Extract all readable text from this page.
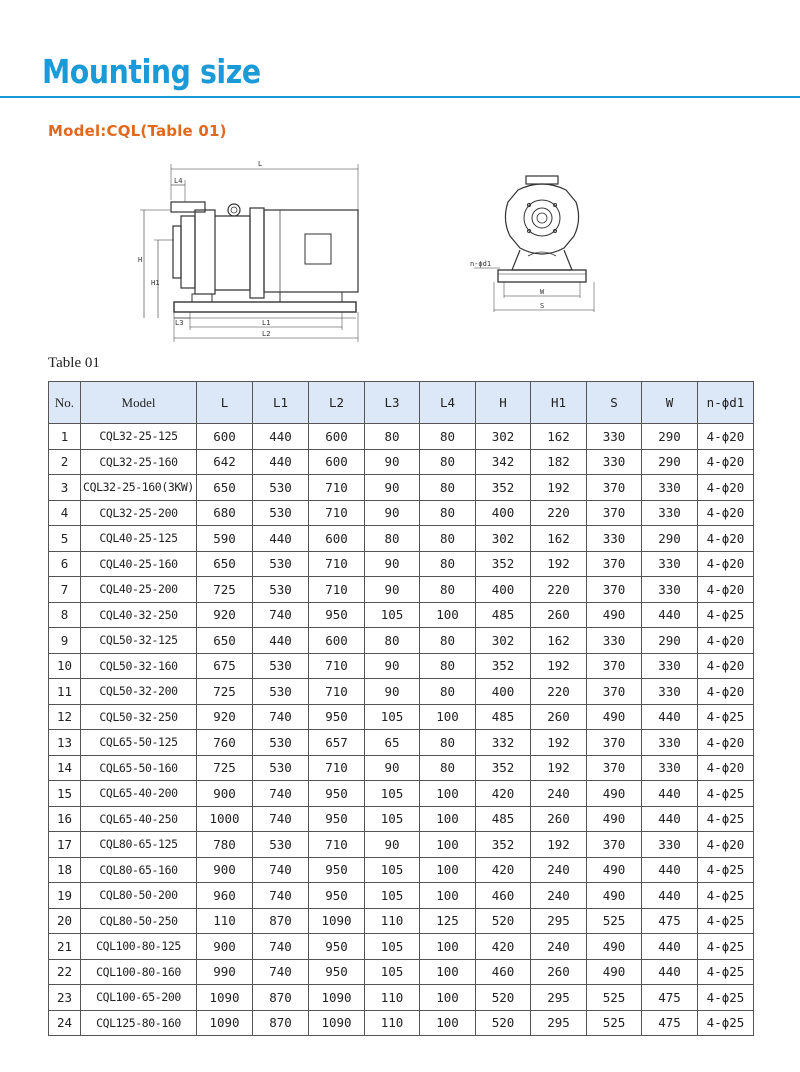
Mounting size
Model:CQL(Table 01)
L
L4
H
H1
L3	L1
L2
n-ϕd1
W
S
Table 01
No.	Model	L	L1	L2	L3	L4	H	H1	S	W	n-ϕd1
1	CQL32-25-125	600	440	600	80	80	302	162	330	290	4-ϕ20
2	CQL32-25-160	642	440	600	90	80	342	182	330	290	4-ϕ20
3	CQL32-25-160(3KW)	650	530	710	90	80	352	192	370	330	4-ϕ20
4	CQL32-25-200	680	530	710	90	80	400	220	370	330	4-ϕ20
5	CQL40-25-125	590	440	600	80	80	302	162	330	290	4-ϕ20
6	CQL40-25-160	650	530	710	90	80	352	192	370	330	4-ϕ20
7	CQL40-25-200	725	530	710	90	80	400	220	370	330	4-ϕ20
8	CQL40-32-250	920	740	950	105	100	485	260	490	440	4-ϕ25
9	CQL50-32-125	650	440	600	80	80	302	162	330	290	4-ϕ20
10	CQL50-32-160	675	530	710	90	80	352	192	370	330	4-ϕ20
11	CQL50-32-200	725	530	710	90	80	400	220	370	330	4-ϕ20
12	CQL50-32-250	920	740	950	105	100	485	260	490	440	4-ϕ25
13	CQL65-50-125	760	530	657	65	80	332	192	370	330	4-ϕ20
14	CQL65-50-160	725	530	710	90	80	352	192	370	330	4-ϕ20
15	CQL65-40-200	900	740	950	105	100	420	240	490	440	4-ϕ25
16	CQL65-40-250	1000	740	950	105	100	485	260	490	440	4-ϕ25
17	CQL80-65-125	780	530	710	90	100	352	192	370	330	4-ϕ20
18	CQL80-65-160	900	740	950	105	100	420	240	490	440	4-ϕ25
19	CQL80-50-200	960	740	950	105	100	460	240	490	440	4-ϕ25
20	CQL80-50-250	110	870	1090	110	125	520	295	525	475	4-ϕ25
21	CQL100-80-125	900	740	950	105	100	420	240	490	440	4-ϕ25
22	CQL100-80-160	990	740	950	105	100	460	260	490	440	4-ϕ25
23	CQL100-65-200	1090	870	1090	110	100	520	295	525	475	4-ϕ25
24	CQL125-80-160	1090	870	1090	110	100	520	295	525	475	4-ϕ25
